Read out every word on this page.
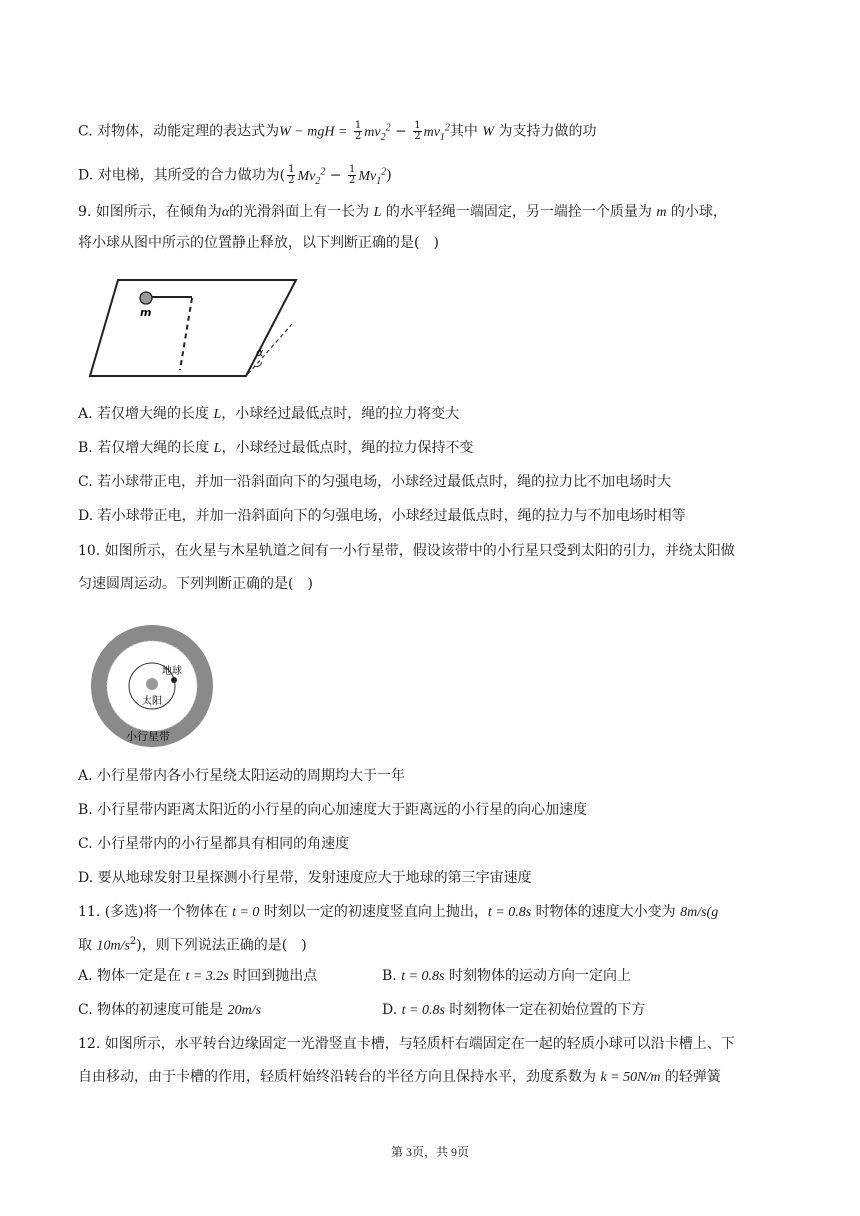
C. 对物体，动能定理的表达式为W − mgH = $\frac{1}{2} mv_2^2 - \frac{1}{2} mv_1^2$其中 W 为支持力做的功
D. 对电梯，其所受的合力做功为( $\frac{1}{2} Mv_2^2 - \frac{1}{2} Mv_1^2$)
9. 如图所示，在倾角为α的光滑斜面上有一长为 L 的水平轻绳一端固定，另一端拴一个质量为 m 的小球，
将小球从图中所示的位置静止释放，以下判断正确的是(　)
m
α
A. 若仅增大绳的长度 L，小球经过最低点时，绳的拉力将变大
B. 若仅增大绳的长度 L，小球经过最低点时，绳的拉力保持不变
C. 若小球带正电，并加一沿斜面向下的匀强电场，小球经过最低点时，绳的拉力比不加电场时大
D. 若小球带正电，并加一沿斜面向下的匀强电场，小球经过最低点时，绳的拉力与不加电场时相等
10. 如图所示，在火星与木星轨道之间有一小行星带，假设该带中的小行星只受到太阳的引力，并绕太阳做
匀速圆周运动。下列判断正确的是(　)
地球
太阳
小行星带
A. 小行星带内各小行星绕太阳运动的周期均大于一年
B. 小行星带内距离太阳近的小行星的向心加速度大于距离远的小行星的向心加速度
C. 小行星带内的小行星都具有相同的角速度
D. 要从地球发射卫星探测小行星带，发射速度应大于地球的第三宇宙速度
11. (多选)将一个物体在 t = 0 时刻以一定的初速度竖直向上抛出，t = 0.8s 时物体的速度大小变为 8m/s(g
取 $10m/s^2$)，则下列说法正确的是(　)
A. 物体一定是在 t = 3.2s 时回到抛出点	B. t = 0.8s 时刻物体的运动方向一定向上
C. 物体的初速度可能是 20m/s	D. t = 0.8s 时刻物体一定在初始位置的下方
12. 如图所示，水平转台边缘固定一光滑竖直卡槽，与轻质杆右端固定在一起的轻质小球可以沿卡槽上、下
自由移动，由于卡槽的作用，轻质杆始终沿转台的半径方向且保持水平，劲度系数为 k = 50N/m 的轻弹簧
第 3页，共 9页
